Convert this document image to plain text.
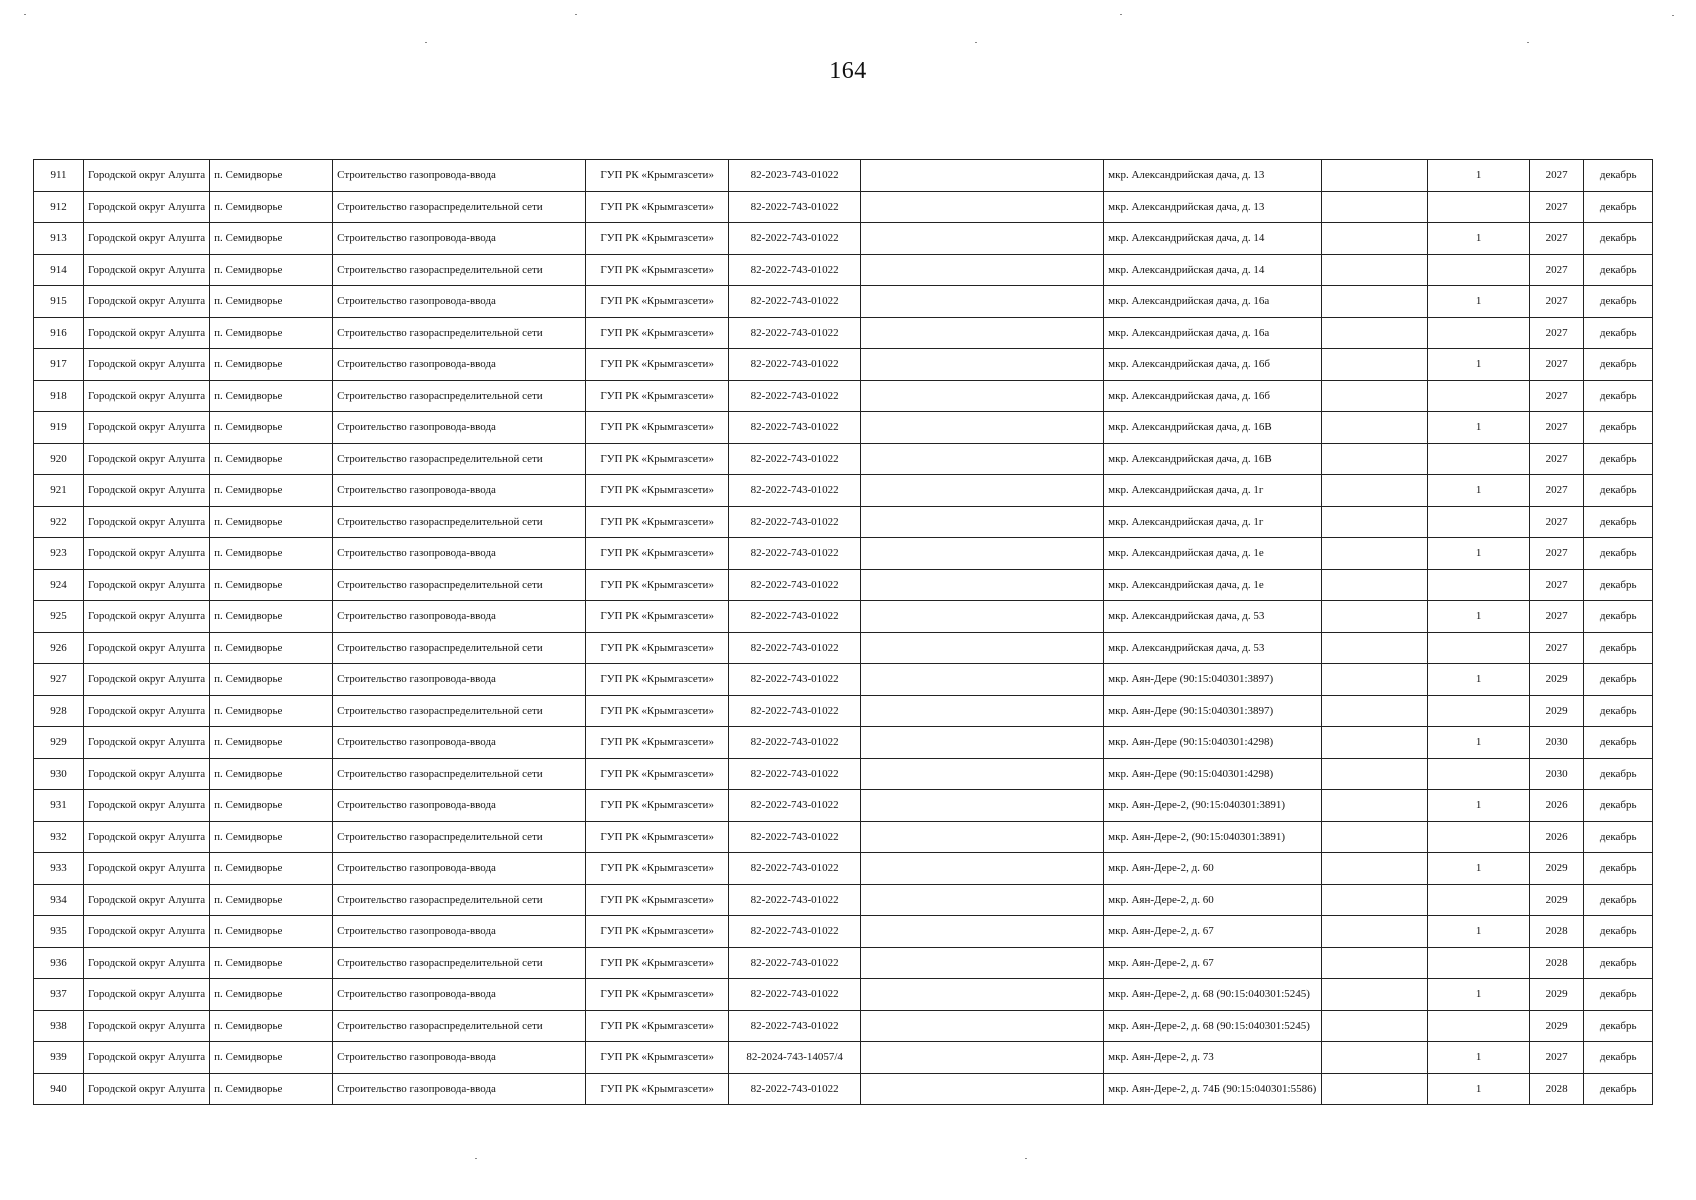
164
911	Городской округ Алушта	п. Семидворье	Строительство газопровода-ввода	ГУП РК «Крымгазсети»	82-2023-743-01022		мкр. Александрийская дача, д. 13		1	2027	декабрь
912	Городской округ Алушта	п. Семидворье	Строительство газораспределительной сети	ГУП РК «Крымгазсети»	82-2022-743-01022		мкр. Александрийская дача, д. 13			2027	декабрь
913	Городской округ Алушта	п. Семидворье	Строительство газопровода-ввода	ГУП РК «Крымгазсети»	82-2022-743-01022		мкр. Александрийская дача, д. 14		1	2027	декабрь
914	Городской округ Алушта	п. Семидворье	Строительство газораспределительной сети	ГУП РК «Крымгазсети»	82-2022-743-01022		мкр. Александрийская дача, д. 14			2027	декабрь
915	Городской округ Алушта	п. Семидворье	Строительство газопровода-ввода	ГУП РК «Крымгазсети»	82-2022-743-01022		мкр. Александрийская дача, д. 16а		1	2027	декабрь
916	Городской округ Алушта	п. Семидворье	Строительство газораспределительной сети	ГУП РК «Крымгазсети»	82-2022-743-01022		мкр. Александрийская дача, д. 16а			2027	декабрь
917	Городской округ Алушта	п. Семидворье	Строительство газопровода-ввода	ГУП РК «Крымгазсети»	82-2022-743-01022		мкр. Александрийская дача, д. 16б		1	2027	декабрь
918	Городской округ Алушта	п. Семидворье	Строительство газораспределительной сети	ГУП РК «Крымгазсети»	82-2022-743-01022		мкр. Александрийская дача, д. 16б			2027	декабрь
919	Городской округ Алушта	п. Семидворье	Строительство газопровода-ввода	ГУП РК «Крымгазсети»	82-2022-743-01022		мкр. Александрийская дача, д. 16В		1	2027	декабрь
920	Городской округ Алушта	п. Семидворье	Строительство газораспределительной сети	ГУП РК «Крымгазсети»	82-2022-743-01022		мкр. Александрийская дача, д. 16В			2027	декабрь
921	Городской округ Алушта	п. Семидворье	Строительство газопровода-ввода	ГУП РК «Крымгазсети»	82-2022-743-01022		мкр. Александрийская дача, д. 1г		1	2027	декабрь
922	Городской округ Алушта	п. Семидворье	Строительство газораспределительной сети	ГУП РК «Крымгазсети»	82-2022-743-01022		мкр. Александрийская дача, д. 1г			2027	декабрь
923	Городской округ Алушта	п. Семидворье	Строительство газопровода-ввода	ГУП РК «Крымгазсети»	82-2022-743-01022		мкр. Александрийская дача, д. 1е		1	2027	декабрь
924	Городской округ Алушта	п. Семидворье	Строительство газораспределительной сети	ГУП РК «Крымгазсети»	82-2022-743-01022		мкр. Александрийская дача, д. 1е			2027	декабрь
925	Городской округ Алушта	п. Семидворье	Строительство газопровода-ввода	ГУП РК «Крымгазсети»	82-2022-743-01022		мкр. Александрийская дача, д. 53		1	2027	декабрь
926	Городской округ Алушта	п. Семидворье	Строительство газораспределительной сети	ГУП РК «Крымгазсети»	82-2022-743-01022		мкр. Александрийская дача, д. 53			2027	декабрь
927	Городской округ Алушта	п. Семидворье	Строительство газопровода-ввода	ГУП РК «Крымгазсети»	82-2022-743-01022		мкр. Аян-Дере (90:15:040301:3897)		1	2029	декабрь
928	Городской округ Алушта	п. Семидворье	Строительство газораспределительной сети	ГУП РК «Крымгазсети»	82-2022-743-01022		мкр. Аян-Дере (90:15:040301:3897)			2029	декабрь
929	Городской округ Алушта	п. Семидворье	Строительство газопровода-ввода	ГУП РК «Крымгазсети»	82-2022-743-01022		мкр. Аян-Дере (90:15:040301:4298)		1	2030	декабрь
930	Городской округ Алушта	п. Семидворье	Строительство газораспределительной сети	ГУП РК «Крымгазсети»	82-2022-743-01022		мкр. Аян-Дере (90:15:040301:4298)			2030	декабрь
931	Городской округ Алушта	п. Семидворье	Строительство газопровода-ввода	ГУП РК «Крымгазсети»	82-2022-743-01022		мкр. Аян-Дере-2, (90:15:040301:3891)		1	2026	декабрь
932	Городской округ Алушта	п. Семидворье	Строительство газораспределительной сети	ГУП РК «Крымгазсети»	82-2022-743-01022		мкр. Аян-Дере-2, (90:15:040301:3891)			2026	декабрь
933	Городской округ Алушта	п. Семидворье	Строительство газопровода-ввода	ГУП РК «Крымгазсети»	82-2022-743-01022		мкр. Аян-Дере-2, д. 60		1	2029	декабрь
934	Городской округ Алушта	п. Семидворье	Строительство газораспределительной сети	ГУП РК «Крымгазсети»	82-2022-743-01022		мкр. Аян-Дере-2, д. 60			2029	декабрь
935	Городской округ Алушта	п. Семидворье	Строительство газопровода-ввода	ГУП РК «Крымгазсети»	82-2022-743-01022		мкр. Аян-Дере-2, д. 67		1	2028	декабрь
936	Городской округ Алушта	п. Семидворье	Строительство газораспределительной сети	ГУП РК «Крымгазсети»	82-2022-743-01022		мкр. Аян-Дере-2, д. 67			2028	декабрь
937	Городской округ Алушта	п. Семидворье	Строительство газопровода-ввода	ГУП РК «Крымгазсети»	82-2022-743-01022		мкр. Аян-Дере-2, д. 68 (90:15:040301:5245)		1	2029	декабрь
938	Городской округ Алушта	п. Семидворье	Строительство газораспределительной сети	ГУП РК «Крымгазсети»	82-2022-743-01022		мкр. Аян-Дере-2, д. 68 (90:15:040301:5245)			2029	декабрь
939	Городской округ Алушта	п. Семидворье	Строительство газопровода-ввода	ГУП РК «Крымгазсети»	82-2024-743-14057/4		мкр. Аян-Дере-2, д. 73		1	2027	декабрь
940	Городской округ Алушта	п. Семидворье	Строительство газопровода-ввода	ГУП РК «Крымгазсети»	82-2022-743-01022		мкр. Аян-Дере-2, д. 74Б (90:15:040301:5586)		1	2028	декабрь
